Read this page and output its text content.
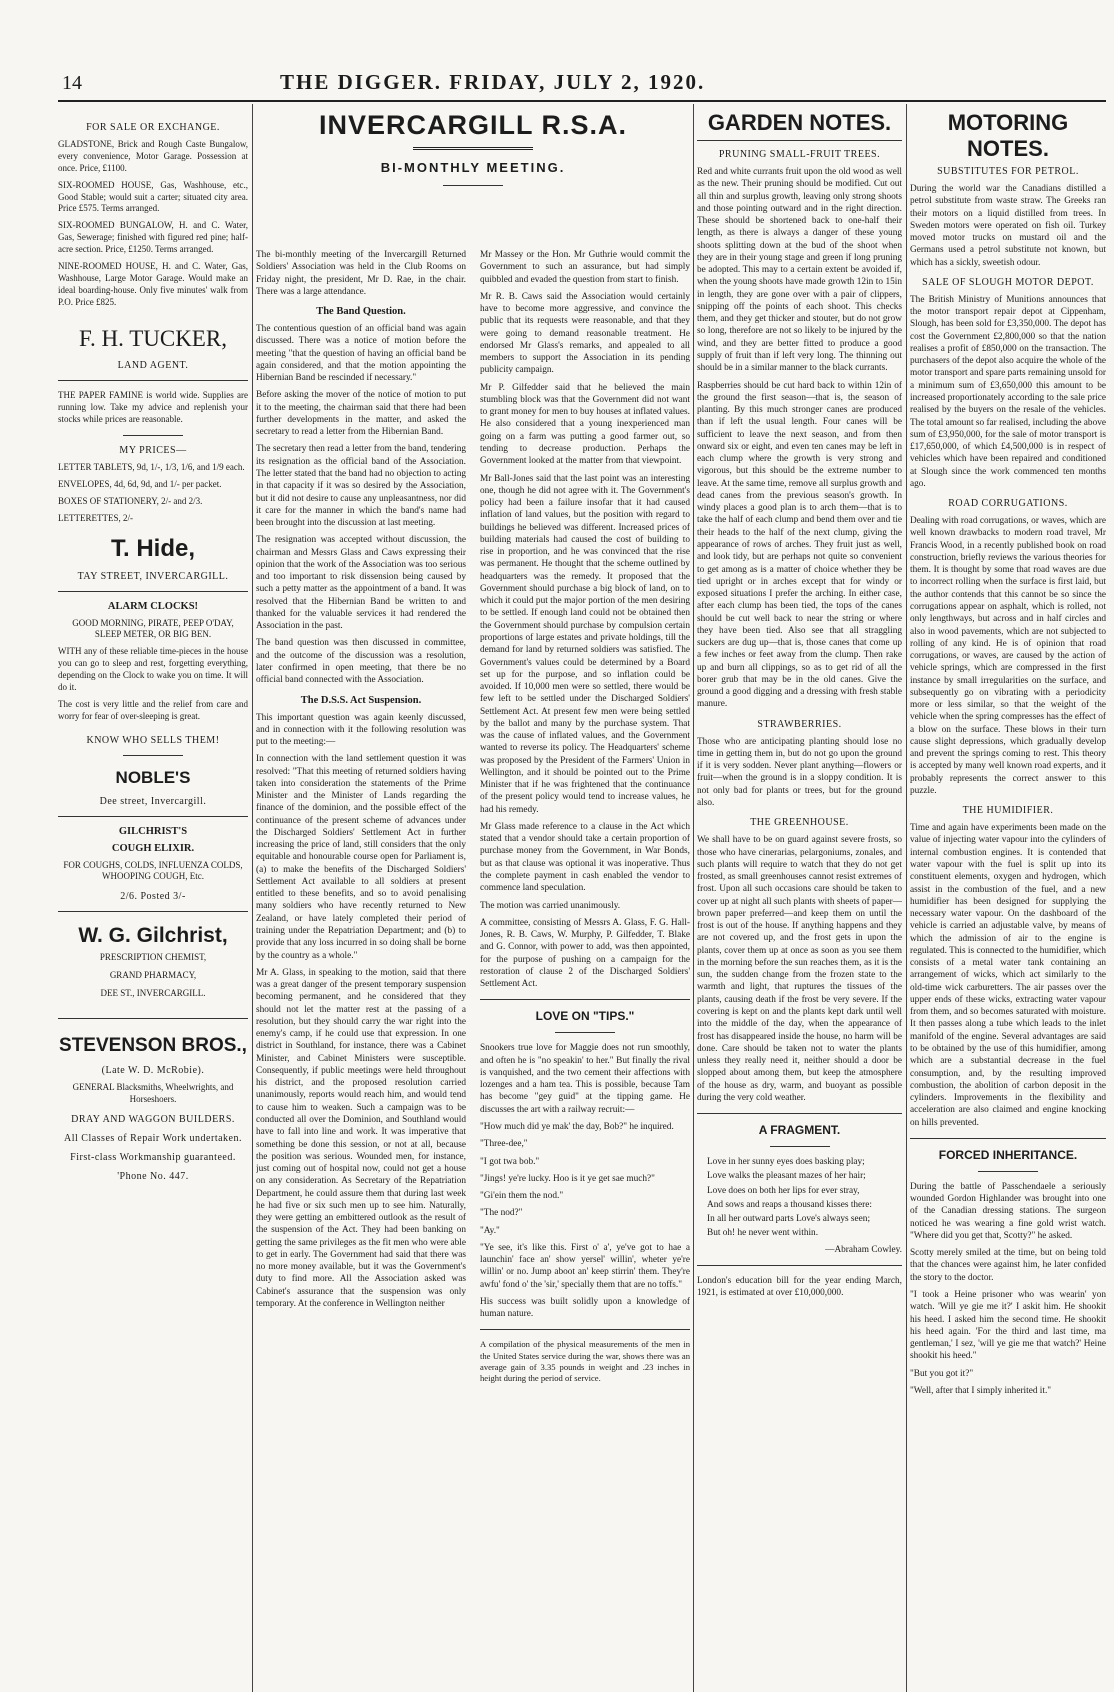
14	THE DIGGER. FRIDAY, JULY 2, 1920.
FOR SALE OR EXCHANGE.

GLADSTONE, Brick and Rough Caste Bungalow, every convenience, Motor Garage. Possession at once. Price, £1100.

SIX-ROOMED HOUSE, Gas, Washhouse, etc., Good Stable; would suit a carter; situated city area. Price £575. Terms arranged.

SIX-ROOMED BUNGALOW, H. and C. Water, Gas, Sewerage; finished with figured red pine; half-acre section. Price, £1250. Terms arranged.

NINE-ROOMED HOUSE, H. and C. Water, Gas, Washhouse, Large Motor Garage. Would make an ideal boarding-house. Only five minutes' walk from P.O. Price £825.

F. H. TUCKER,
LAND AGENT.

THE PAPER FAMINE is world wide. Supplies are running low. Take my advice and replenish your stocks while prices are reasonable.

MY PRICES—

LETTER TABLETS, 9d, 1/-, 1/3, 1/6, and 1/9 each.

ENVELOPES, 4d, 6d, 9d, and 1/- per packet.

BOXES OF STATIONERY, 2/- and 2/3.

LETTERETTES, 2/-

T. Hide,
TAY STREET, INVERCARGILL.
ALARM CLOCKS!

GOOD MORNING, PIRATE, PEEP O'DAY, SLEEP METER, OR BIG BEN.

WITH any of these reliable time-pieces in the house you can go to sleep and rest, forgetting everything, depending on the Clock to wake you on time. It will do it.

The cost is very little and the relief from care and worry for fear of over-sleeping is great.

KNOW WHO SELLS THEM!
NOBLE'S
Dee street, Invercargill.
GILCHRIST'S
COUGH ELIXIR.

FOR COUGHS, COLDS, INFLUENZA COLDS, WHOOPING COUGH, Etc.

2/6. Posted 3/-
W. G. Gilchrist,

PRESCRIPTION CHEMIST,

GRAND PHARMACY,

DEE ST., INVERCARGILL.

STEVENSON BROS.,
(Late W. D. McRobie).

GENERAL Blacksmiths, Wheelwrights, and Horseshoers.

DRAY AND WAGGON BUILDERS.
All Classes of Repair Work undertaken.
First-class Workmanship guaranteed.
'Phone No. 447.
INVERCARGILL R.S.A.
BI-MONTHLY MEETING.

The bi-monthly meeting of the Invercargill Returned Soldiers' Association was held in the Club Rooms on Friday night, the president, Mr D. Rae, in the chair. There was a large attendance.

The Band Question.

The contentious question of an official band was again discussed. There was a notice of motion before the meeting "that the question of having an official band be again considered, and that the motion appointing the Hibernian Band be rescinded if necessary."

Before asking the mover of the notice of motion to put it to the meeting, the chairman said that there had been further developments in the matter, and asked the secretary to read a letter from the Hibernian Band.

The secretary then read a letter from the band, tendering its resignation as the official band of the Association. The letter stated that the band had no objection to acting in that capacity if it was so desired by the Association, but it did not desire to cause any unpleasantness, nor did it care for the manner in which the band's name had been brought into the discussion at last meeting.

The resignation was accepted without discussion, the chairman and Messrs Glass and Caws expressing their opinion that the work of the Association was too serious and too important to risk dissension being caused by such a petty matter as the appointment of a band. It was resolved that the Hibernian Band be written to and thanked for the valuable services it had rendered the Association in the past.

The band question was then discussed in committee, and the outcome of the discussion was a resolution, later confirmed in open meeting, that there be no official band connected with the Association.

The D.S.S. Act Suspension.

This important question was again keenly discussed, and in connection with it the following resolution was put to the meeting:—

In connection with the land settlement question it was resolved: "That this meeting of returned soldiers having taken into consideration the statements of the Prime Minister and the Minister of Lands regarding the finance of the dominion, and the possible effect of the continuance of the present scheme of advances under the Discharged Soldiers' Settlement Act in further increasing the price of land, still considers that the only equitable and honourable course open for Parliament is, (a) to make the benefits of the Discharged Soldiers' Settlement Act available to all soldiers at present entitled to these benefits, and so to avoid penalising many soldiers who have recently returned to New Zealand, or have lately completed their period of training under the Repatriation Department; and (b) to provide that any loss incurred in so doing shall be borne by the country as a whole."

Mr A. Glass, in speaking to the motion, said that there was a great danger of the present temporary suspension becoming permanent, and he considered that they should not let the matter rest at the passing of a resolution, but they should carry the war right into the enemy's camp, if he could use that expression. In one district in Southland, for instance, there was a Cabinet Minister, and Cabinet Ministers were susceptible. Consequently, if public meetings were held throughout his district, and the proposed resolution carried unanimously, reports would reach him, and would tend to cause him to weaken. Such a campaign was to be conducted all over the Dominion, and Southland would have to fall into line and work. It was imperative that something be done this session, or not at all, because the position was serious. Wounded men, for instance, just coming out of hospital now, could not get a house on any consideration. As Secretary of the Repatriation Department, he could assure them that during last week he had five or six such men up to see him. Naturally, they were getting an embittered outlook as the result of the suspension of the Act. They had been banking on getting the same privileges as the fit men who were able to get in early. The Government had said that there was no more money available, but it was the Government's duty to find more. All the Association asked was Cabinet's assurance that the suspension was only temporary. At the conference in Wellington neither

Mr Massey or the Hon. Mr Guthrie would commit the Government to such an assurance, but had simply quibbled and evaded the question from start to finish.

Mr R. B. Caws said the Association would certainly have to become more aggressive, and convince the public that its requests were reasonable, and that they were going to demand reasonable treatment. He endorsed Mr Glass's remarks, and appealed to all members to support the Association in its pending publicity campaign.

Mr P. Gilfedder said that he believed the main stumbling block was that the Government did not want to grant money for men to buy houses at inflated values. He also considered that a young inexperienced man going on a farm was putting a good farmer out, so tending to decrease production. Perhaps the Government looked at the matter from that viewpoint.

Mr Ball-Jones said that the last point was an interesting one, though he did not agree with it. The Government's policy had been a failure insofar that it had caused inflation of land values, but the position with regard to buildings he believed was different. Increased prices of building materials had caused the cost of building to rise in proportion, and he was convinced that the rise was permanent. He thought that the scheme outlined by headquarters was the remedy. It proposed that the Government should purchase a big block of land, on to which it could put the major portion of the men desiring to be settled. If enough land could not be obtained then the Government should purchase by compulsion certain proportions of large estates and private holdings, till the demand for land by returned soldiers was satisfied. The Government's values could be determined by a Board set up for the purpose, and so inflation could be avoided. If 10,000 men were so settled, there would be few left to be settled under the Discharged Soldiers' Settlement Act. At present few men were being settled by the ballot and many by the purchase system. That was the cause of inflated values, and the Government wanted to reverse its policy. The Headquarters' scheme was proposed by the President of the Farmers' Union in Wellington, and it should be pointed out to the Prime Minister that if he was frightened that the continuance of the present policy would tend to increase values, he had his remedy.

Mr Glass made reference to a clause in the Act which stated that a vendor should take a certain proportion of purchase money from the Government, in War Bonds, but as that clause was optional it was inoperative. Thus the complete payment in cash enabled the vendor to commence land speculation.

The motion was carried unanimously.

A committee, consisting of Messrs A. Glass, F. G. Hall-Jones, R. B. Caws, W. Murphy, P. Gilfedder, T. Blake and G. Connor, with power to add, was then appointed, for the purpose of pushing on a campaign for the restoration of clause 2 of the Discharged Soldiers' Settlement Act.

LOVE ON "TIPS."

Snookers true love for Maggie does not run smoothly, and often he is "no speakin' to her." But finally the rival is vanquished, and the two cement their affections with lozenges and a ham tea. This is possible, because Tam has become "gey guid" at the tipping game. He discusses the art with a railway recruit:—

"How much did ye mak' the day, Bob?" he inquired.

"Three-dee,"

"I got twa bob."

"Jings! ye're lucky. Hoo is it ye get sae much?"

"Gi'ein them the nod."

"The nod?"

"Ay."

"Ye see, it's like this. First o' a', ye've got to hae a launchin' face an' show yersel' willin', wheter ye're willin' or no. Jump aboot an' keep stirrin' them. They're awfu' fond o' the 'sir,' specially them that are no toffs."

His success was built solidly upon a knowledge of human nature.

A compilation of the physical measurements of the men in the United States service during the war, shows there was an average gain of 3.35 pounds in weight and .23 inches in height during the period of service.

GARDEN NOTES.
PRUNING SMALL-FRUIT TREES.

Red and white currants fruit upon the old wood as well as the new. Their pruning should be modified. Cut out all thin and surplus growth, leaving only strong shoots and those pointing outward and in the right direction. These should be shortened back to one-half their length, as there is always a danger of these young shoots splitting down at the bud of the shoot when they are in their young stage and green if long pruning be adopted. This may to a certain extent be avoided if, when the young shoots have made growth 12in to 15in in length, they are gone over with a pair of clippers, snipping off the points of each shoot. This checks them, and they get thicker and stouter, but do not grow so long, therefore are not so likely to be injured by the wind, and they are better fitted to produce a good supply of fruit than if left very long. The thinning out should be in a similar manner to the black currants.

Raspberries should be cut hard back to within 12in of the ground the first season—that is, the season of planting. By this much stronger canes are produced than if left the usual length. Four canes will be sufficient to leave the next season, and from then onward six or eight, and even ten canes may be left in each clump where the growth is very strong and vigorous, but this should be the extreme number to leave. At the same time, remove all surplus growth and dead canes from the previous season's growth. In windy places a good plan is to arch them—that is to take the half of each clump and bend them over and tie their heads to the half of the next clump, giving the appearance of rows of arches. They fruit just as well, and look tidy, but are perhaps not quite so convenient to get among as is a matter of choice whether they be tied upright or in arches except that for windy or exposed situations I prefer the arching. In either case, after each clump has been tied, the tops of the canes should be cut well back to near the string or where they have been tied. Also see that all straggling suckers are dug up—that is, those canes that come up a few inches or feet away from the clump. Then rake up and burn all clippings, so as to get rid of all the borer grub that may be in the old canes. Give the ground a good digging and a dressing with fresh stable manure.

STRAWBERRIES.

Those who are anticipating planting should lose no time in getting them in, but do not go upon the ground if it is very sodden. Never plant anything—flowers or fruit—when the ground is in a sloppy condition. It is not only bad for plants or trees, but for the ground also.

THE GREENHOUSE.

We shall have to be on guard against severe frosts, so those who have cinerarias, pelargoniums, zonales, and such plants will require to watch that they do not get frosted, as small greenhouses cannot resist extremes of frost. Upon all such occasions care should be taken to cover up at night all such plants with sheets of paper—brown paper preferred—and keep them on until the frost is out of the house. If anything happens and they are not covered up, and the frost gets in upon the plants, cover them up at once as soon as you see them in the morning before the sun reaches them, as it is the sun, the sudden change from the frozen state to the warmth and light, that ruptures the tissues of the plants, causing death if the frost be very severe. If the covering is kept on and the plants kept dark until well into the middle of the day, when the appearance of frost has disappeared inside the house, no harm will be done. Care should be taken not to water the plants unless they really need it, neither should a door be slopped about among them, but keep the atmosphere of the house as dry, warm, and buoyant as possible during the very cold weather.

A FRAGMENT.

Love in her sunny eyes does basking play;

Love walks the pleasant mazes of her hair;

Love does on both her lips for ever stray,

And sows and reaps a thousand kisses there:

In all her outward parts Love's always seen;

But oh! he never went within.

—Abraham Cowley.

London's education bill for the year ending March, 1921, is estimated at over £10,000,000.

MOTORING NOTES.
SUBSTITUTES FOR PETROL.

During the world war the Canadians distilled a petrol substitute from waste straw. The Greeks ran their motors on a liquid distilled from trees. In Sweden motors were operated on fish oil. Turkey moved motor trucks on mustard oil and the Germans used a petrol substitute not known, but which has a sickly, sweetish odour.

SALE OF SLOUGH MOTOR DEPOT.

The British Ministry of Munitions announces that the motor transport repair depot at Cippenham, Slough, has been sold for £3,350,000. The depot has cost the Government £2,800,000 so that the nation realises a profit of £850,000 on the transaction. The purchasers of the depot also acquire the whole of the motor transport and spare parts remaining unsold for a minimum sum of £3,650,000 this amount to be increased proportionately according to the sale price realised by the buyers on the resale of the vehicles. The total amount so far realised, including the above sum of £3,950,000, for the sale of motor transport is £17,650,000, of which £4,500,000 is in respect of vehicles which have been repaired and conditioned at Slough since the work commenced ten months ago.

ROAD CORRUGATIONS.

Dealing with road corrugations, or waves, which are well known drawbacks to modern road travel, Mr Francis Wood, in a recently published book on road construction, briefly reviews the various theories for them. It is thought by some that road waves are due to incorrect rolling when the surface is first laid, but the author contends that this cannot be so since the corrugations appear on asphalt, which is rolled, not only lengthways, but across and in half circles and also in wood pavements, which are not subjected to rolling of any kind. He is of opinion that road corrugations, or waves, are caused by the action of vehicle springs, which are compressed in the first instance by small irregularities on the surface, and subsequently go on vibrating with a periodicity more or less similar, so that the weight of the vehicle when the spring compresses has the effect of a blow on the surface. These blows in their turn cause slight depressions, which gradually develop and prevent the springs coming to rest. This theory is accepted by many well known road experts, and it probably represents the correct answer to this puzzle.

THE HUMIDIFIER.

Time and again have experiments been made on the value of injecting water vapour into the cylinders of internal combustion engines. It is contended that water vapour with the fuel is split up into its constituent elements, oxygen and hydrogen, which assist in the combustion of the fuel, and a new humidifier has been designed for supplying the necessary water vapour. On the dashboard of the vehicle is carried an adjustable valve, by means of which the admission of air to the engine is regulated. This is connected to the humidifier, which consists of a metal water tank containing an arrangement of wicks, which act similarly to the old-time wick carburetters. The air passes over the upper ends of these wicks, extracting water vapour from them, and so becomes saturated with moisture. It then passes along a tube which leads to the inlet manifold of the engine. Several advantages are said to be obtained by the use of this humidifier, among which are a substantial decrease in the fuel consumption, and, by the resulting improved combustion, the abolition of carbon deposit in the cylinders. Improvements in the flexibility and acceleration are also claimed and engine knocking on hills prevented.

FORCED INHERITANCE.

During the battle of Passchendaele a seriously wounded Gordon Highlander was brought into one of the Canadian dressing stations. The surgeon noticed he was wearing a fine gold wrist watch. "Where did you get that, Scotty?" he asked.

Scotty merely smiled at the time, but on being told that the chances were against him, he later confided the story to the doctor.

"I took a Heine prisoner who was wearin' yon watch. 'Will ye gie me it?' I askit him. He shookit his heed. I asked him the second time. He shookit his heed again. 'For the third and last time, ma gentleman,' I sez, 'will ye gie me that watch?' Heine shookit his heed."

"But you got it?"

"Well, after that I simply inherited it."
